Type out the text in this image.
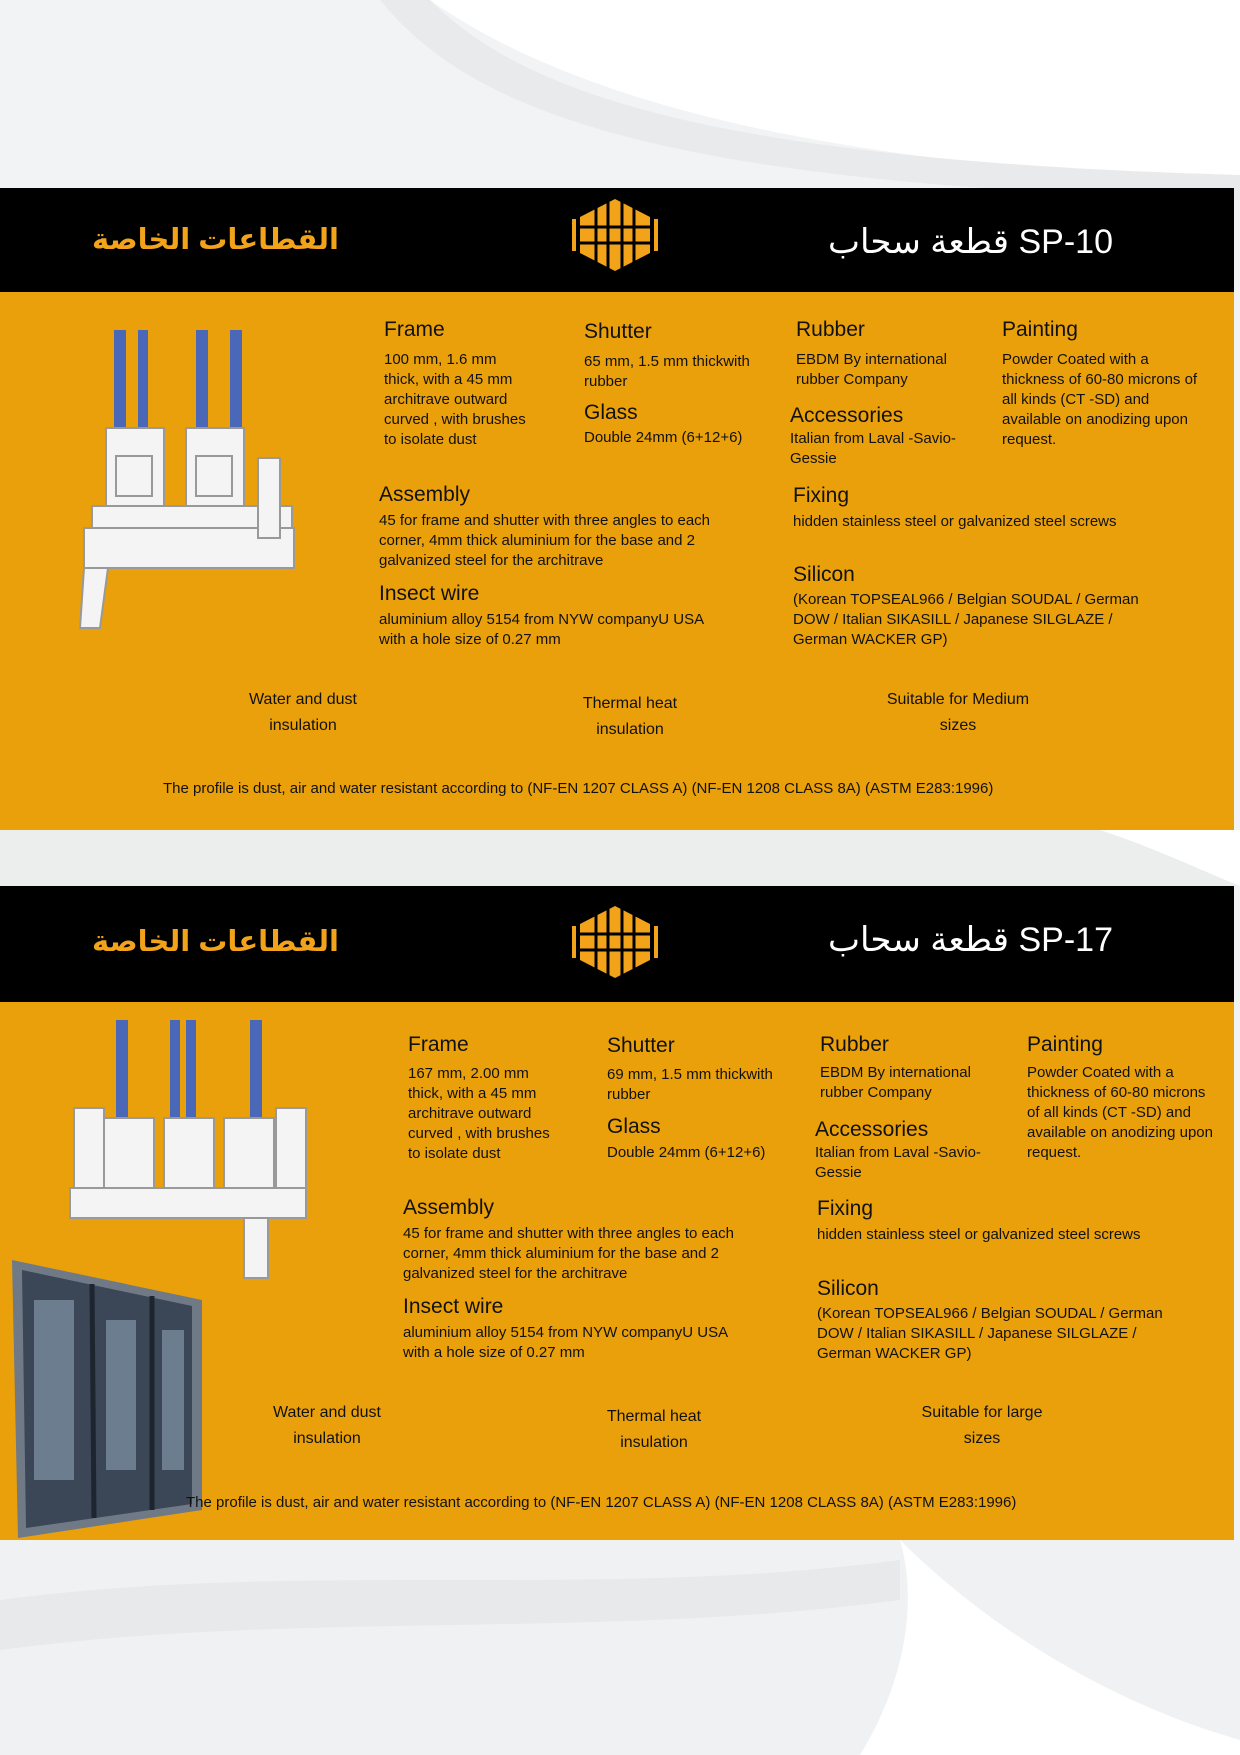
القطاعات الخاصة	قطعة سحاب SP-10
Frame
100 mm, 1.6 mm thick, with a 45 mm architrave outward curved , with brushes to isolate dust
Shutter
65 mm, 1.5 mm thickwith rubber
Glass
Double 24mm (6+12+6)
Rubber
EBDM By international rubber Company
Accessories
Italian from Laval -Savio-Gessie
Painting
Powder Coated with a thickness of 60-80 microns of all kinds (CT -SD) and available on anodizing upon request.
Assembly
45 for frame and shutter with three angles to each corner, 4mm thick aluminium for the base and 2 galvanized steel for the architrave
Fixing
hidden stainless steel or galvanized steel screws
Insect wire
aluminium alloy 5154 from NYW companyU USA with a hole size of 0.27 mm
Silicon
(Korean TOPSEAL966 / Belgian SOUDAL / German DOW / Italian SIKASILL / Japanese SILGLAZE / German WACKER GP)
Water and dust insulation
Thermal heat insulation
Suitable for Medium sizes
The profile is dust, air and water resistant according to (NF-EN 1207 CLASS A) (NF-EN 1208 CLASS 8A) (ASTM E283:1996)
القطاعات الخاصة	قطعة سحاب SP-17
Frame
167 mm, 2.00 mm thick, with a 45 mm architrave outward curved , with brushes to isolate dust
Shutter
69 mm, 1.5 mm thickwith rubber
Glass
Double 24mm (6+12+6)
Rubber
EBDM By international rubber Company
Accessories
Italian from Laval -Savio-Gessie
Painting
Powder Coated with a thickness of 60-80 microns of all kinds (CT -SD) and available on anodizing upon request.
Assembly
45 for frame and shutter with three angles to each corner, 4mm thick aluminium for the base and 2 galvanized steel for the architrave
Fixing
hidden stainless steel or galvanized steel screws
Insect wire
aluminium alloy 5154 from NYW companyU USA with a hole size of 0.27 mm
Silicon
(Korean TOPSEAL966 / Belgian SOUDAL / German DOW / Italian SIKASILL / Japanese SILGLAZE / German WACKER GP)
Water and dust insulation
Thermal heat insulation
Suitable for large sizes
The profile is dust, air and water resistant according to (NF-EN 1207 CLASS A) (NF-EN 1208 CLASS 8A) (ASTM E283:1996)
